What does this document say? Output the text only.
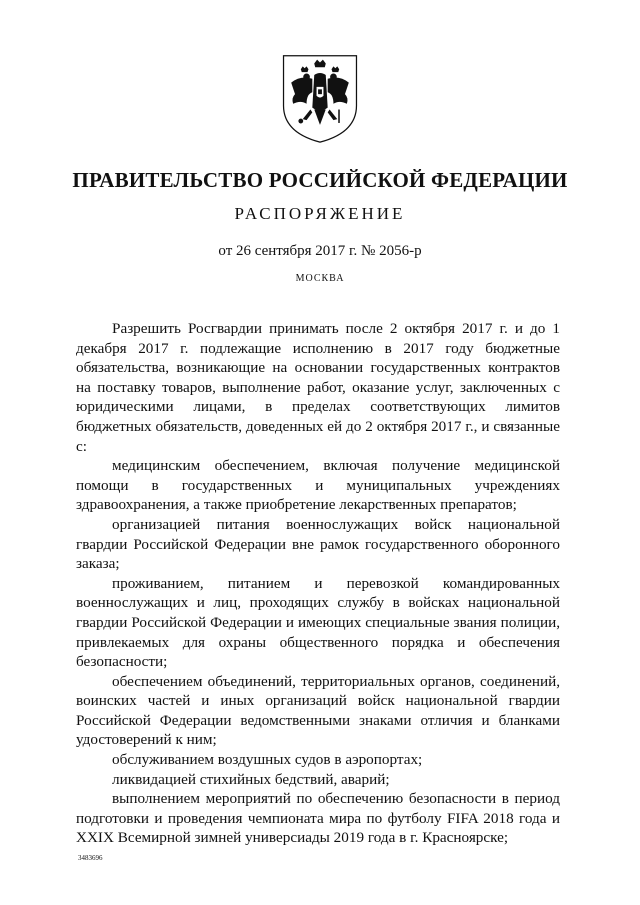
ПРАВИТЕЛЬСТВО РОССИЙСКОЙ ФЕДЕРАЦИИ
РАСПОРЯЖЕНИЕ
от 26 сентября 2017 г. № 2056-р
МОСКВА

Разрешить Росгвардии принимать после 2 октября 2017 г. и до 1 декабря 2017 г. подлежащие исполнению в 2017 году бюджетные обязательства, возникающие на основании государственных контрактов на поставку товаров, выполнение работ, оказание услуг, заключенных с юридическими лицами, в пределах соответствующих лимитов бюджетных обязательств, доведенных ей до 2 октября 2017 г., и связанные с:

медицинским обеспечением, включая получение медицинской помощи в государственных и муниципальных учреждениях здравоохранения, а также приобретение лекарственных препаратов;

организацией питания военнослужащих войск национальной гвардии Российской Федерации вне рамок государственного оборонного заказа;

проживанием, питанием и перевозкой командированных военнослужащих и лиц, проходящих службу в войсках национальной гвардии Российской Федерации и имеющих специальные звания полиции, привлекаемых для охраны общественного порядка и обеспечения безопасности;

обеспечением объединений, территориальных органов, соединений, воинских частей и иных организаций войск национальной гвардии Российской Федерации ведомственными знаками отличия и бланками удостоверений к ним;

обслуживанием воздушных судов в аэропортах;

ликвидацией стихийных бедствий, аварий;

выполнением мероприятий по обеспечению безопасности в период подготовки и проведения чемпионата мира по футболу FIFA 2018 года и XXIX Всемирной зимней универсиады 2019 года в г. Красноярске;

3483696
